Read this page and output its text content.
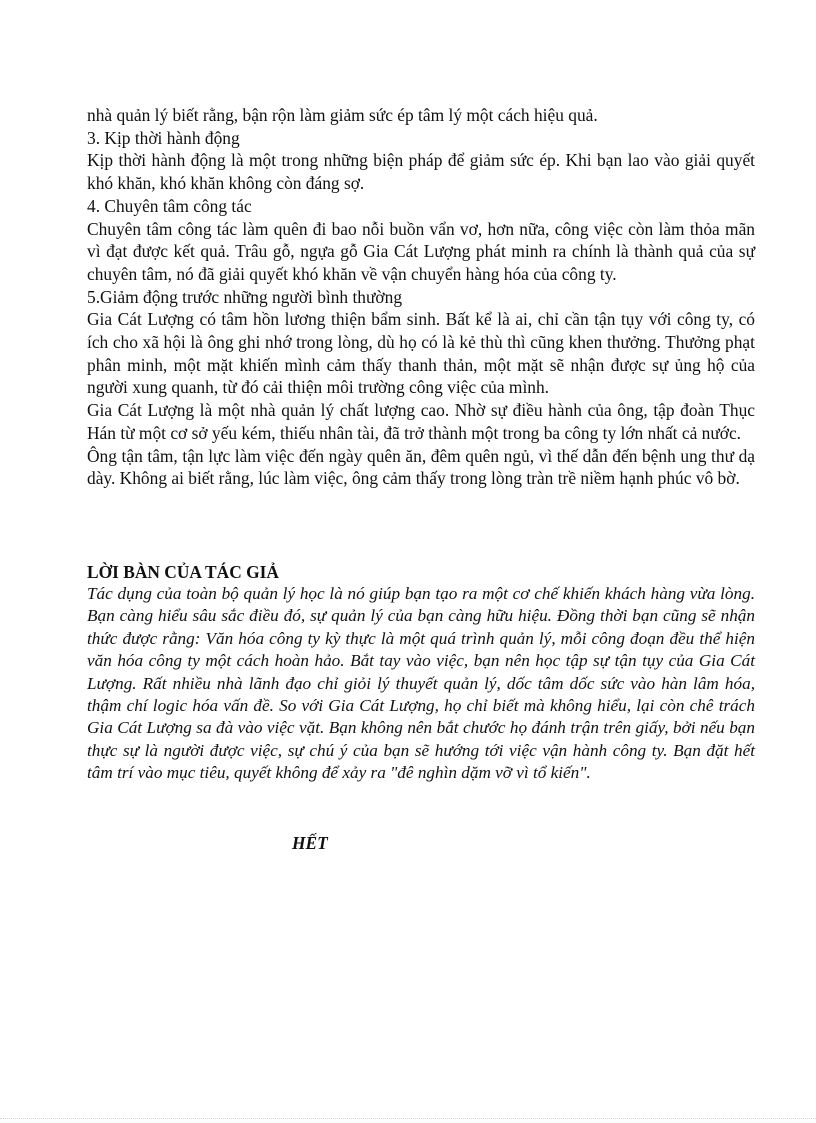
nhà quản lý biết rằng, bận rộn làm giảm sức ép tâm lý một cách hiệu quả.

3. Kịp thời hành động

Kịp thời hành động là một trong những biện pháp để giảm sức ép. Khi bạn lao vào giải quyết khó khăn, khó khăn không còn đáng sợ.

4. Chuyên tâm công tác

Chuyên tâm công tác làm quên đi bao nỗi buồn vẩn vơ, hơn nữa, công việc còn làm thỏa mãn vì đạt được kết quả. Trâu gỗ, ngựa gỗ Gia Cát Lượng phát minh ra chính là thành quả của sự chuyên tâm, nó đã giải quyết khó khăn về vận chuyển hàng hóa của công ty.

5.Giảm động trước những người bình thường

Gia Cát Lượng có tâm hồn lương thiện bẩm sinh. Bất kể là ai, chỉ cần tận tụy với công ty, có ích cho xã hội là ông ghi nhớ trong lòng, dù họ có là kẻ thù thì cũng khen thưởng. Thưởng phạt phân minh, một mặt khiến mình cảm thấy thanh thản, một mặt sẽ nhận được sự ủng hộ của người xung quanh, từ đó cải thiện môi trường công việc của mình.

Gia Cát Lượng là một nhà quản lý chất lượng cao. Nhờ sự điều hành của ông, tập đoàn Thục Hán từ một cơ sở yếu kém, thiếu nhân tài, đã trở thành một trong ba công ty lớn nhất cả nước.

Ông tận tâm, tận lực làm việc đến ngày quên ăn, đêm quên ngủ, vì thế dẫn đến bệnh ung thư dạ dày. Không ai biết rằng, lúc làm việc, ông cảm thấy trong lòng tràn trề niềm hạnh phúc vô bờ.

LỜI BÀN CỦA TÁC GIẢ

Tác dụng của toàn bộ quản lý học là nó giúp bạn tạo ra một cơ chế khiến khách hàng vừa lòng. Bạn càng hiểu sâu sắc điều đó, sự quản lý của bạn càng hữu hiệu. Đồng thời bạn cũng sẽ nhận thức được rằng: Văn hóa công ty kỳ thực là một quá trình quản lý, mỗi công đoạn đều thể hiện văn hóa công ty một cách hoàn hảo. Bắt tay vào việc, bạn nên học tập sự tận tụy của Gia Cát Lượng. Rất nhiều nhà lãnh đạo chỉ giỏi lý thuyết quản lý, dốc tâm dốc sức vào hàn lâm hóa, thậm chí logic hóa vấn đề. So với Gia Cát Lượng, họ chỉ biết mà không hiểu, lại còn chê trách Gia Cát Lượng sa đà vào việc vặt. Bạn không nên bắt chước họ đánh trận trên giấy, bởi nếu bạn thực sự là người được việc, sự chú ý của bạn sẽ hướng tới việc vận hành công ty. Bạn đặt hết tâm trí vào mục tiêu, quyết không để xảy ra "đê nghìn dặm vỡ vì tổ kiến".

HẾT
